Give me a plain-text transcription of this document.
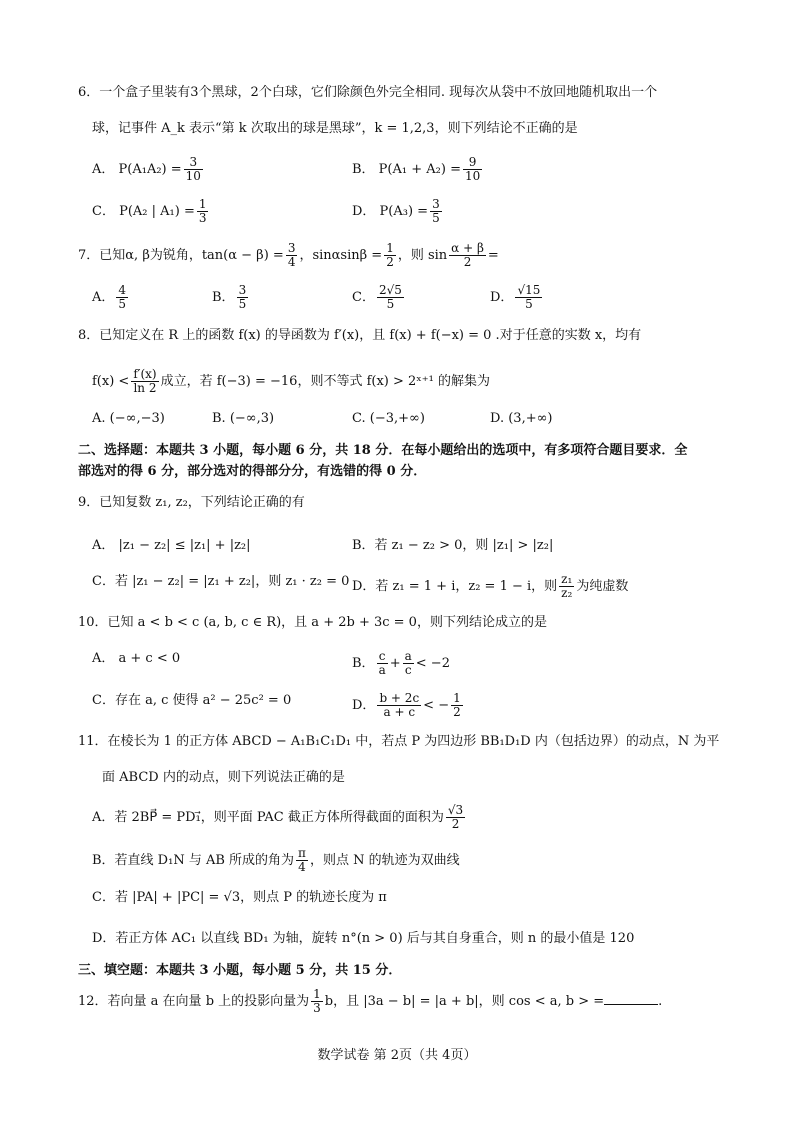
6．一个盒子里装有3个黑球，2个白球，它们除颜色外完全相同. 现每次从袋中不放回地随机取出一个
球，记事件 A_k 表示“第 k 次取出的球是黑球”，k = 1,2,3，则下列结论不正确的是
A． $P(A_1A_2) = \frac{3}{10}$	B． $P(A_1 + A_2) = \frac{9}{10}$
C． P(A₂ | $A_1) = \frac{1}{3}$	D． $P(A_3) = \frac{3}{5}$
7．已知α, β为锐角，$\tan(\alpha - \beta) = \frac{3}{4}$ ，$\sin\alpha\sin\beta = \frac{1}{2}$ ，则 $\sin \frac{\alpha + \beta}{2}$ =
A． $\frac{4}{5}$	B． $\frac{3}{5}$	C． $\frac{2√5}{5}$	D． $\frac{√15}{5}$
8．已知定义在 R 上的函数 f(x) 的导函数为 f′(x)，且 f(x) + f(−x) = 0 .对于任意的实数 x，均有
$f(x) < \frac{f'(x)}{\ln 2}$ 成立，若 f(−3) = −16，则不等式 f(x) > 2ˣ⁺¹ 的解集为
A. (−∞,−3)	B. (−∞,3)	C. (−3,+∞)	D. (3,+∞)
二、选择题：本题共 3 小题，每小题 6 分，共 18 分．在每小题给出的选项中，有多项符合题目要求．全
部选对的得 6 分，部分选对的得部分分，有选错的得 0 分．
9．已知复数 z₁, z₂，下列结论正确的有
A． |z₁ − z₂| ≤ |z₁| + |z₂|	B．若 z₁ − z₂ > 0，则 |z₁| > |z₂|
C．若 |z₁ − z₂| = |z₁ + z₂|，则 z₁ · z₂ = 0 D．若 z₁ = 1 + i，z₂ = 1 − i，则 $\frac{\text{z₁}}{\text{z₂}}$ 为纯虚数
10．已知 a < b < c (a, b, c ∈ R)，且 a + 2b + 3c = 0，则下列结论成立的是
A． a + c < 0	B． $\frac{c}{a} + \frac{a}{c} < -2$
C．存在 a, c 使得 a² − 25c² = 0	D． $\frac{b + 2c}{a + c}$ < − $\frac{1}{2}$
11．在棱长为 1 的正方体 ABCD − A₁B₁C₁D₁ 中，若点 P 为四边形 BB₁D₁D 内（包括边界）的动点，N 为平
面 ABCD 内的动点，则下列说法正确的是
A．若 2BP⃗ = PD₁⃗，则平面 PAC 截正方体所得截面的面积为 $\frac{√3}{2}$
B．若直线 D₁N 与 AB 所成的角为 $\frac{\pi}{4}$ ，则点 N 的轨迹为双曲线
C．若 |PA| + |PC| = √3，则点 P 的轨迹长度为 π
D．若正方体 AC₁ 以直线 BD₁ 为轴，旋转 n°(n > 0) 后与其自身重合，则 n 的最小值是 120
三、填空题：本题共 3 小题，每小题 5 分，共 15 分．
12．若向量 a 在向量 b 上的投影向量为 $\frac{1}{3}$ b，且 |3a − b| = |a + b|，则 cos < a, b > =	.
数学试卷 第 2页（共 4页）
